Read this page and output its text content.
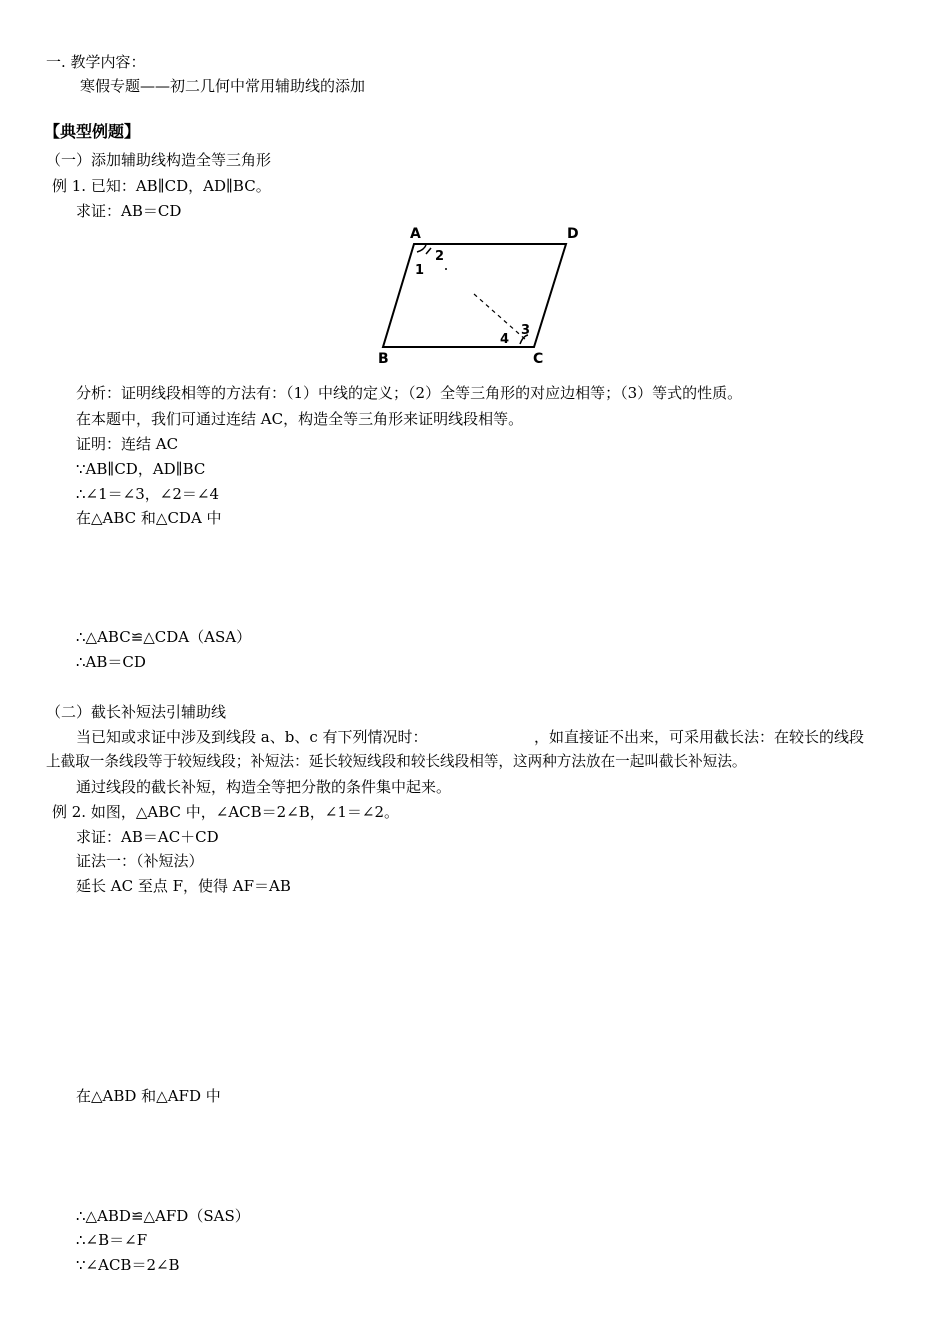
一. 教学内容：
寒假专题——初二几何中常用辅助线的添加
【典型例题】
（一）添加辅助线构造全等三角形
例 1. 已知：AB∥CD，AD∥BC。
求证：AB＝CD
A	D
B	C
1
2
3
4
分析：证明线段相等的方法有：（1）中线的定义；（2）全等三角形的对应边相等；（3）等式的性质。
在本题中，我们可通过连结 AC，构造全等三角形来证明线段相等。
证明：连结 AC
∵AB∥CD，AD∥BC
∴∠1＝∠3，∠2＝∠4
在△ABC 和△CDA 中
∴△ABC≌△CDA（ASA）
∴AB＝CD
（二）截长补短法引辅助线
当已知或求证中涉及到线段 a、b、c 有下列情况时：	，如直接证不出来，可采用截长法：在较长的线段
上截取一条线段等于较短线段；补短法：延长较短线段和较长线段相等，这两种方法放在一起叫截长补短法。
通过线段的截长补短，构造全等把分散的条件集中起来。
例 2. 如图，△ABC 中，∠ACB＝2∠B，∠1＝∠2。
求证：AB＝AC＋CD
证法一：（补短法）
延长 AC 至点 F，使得 AF＝AB
在△ABD 和△AFD 中
∴△ABD≌△AFD（SAS）
∴∠B＝∠F
∵∠ACB＝2∠B
